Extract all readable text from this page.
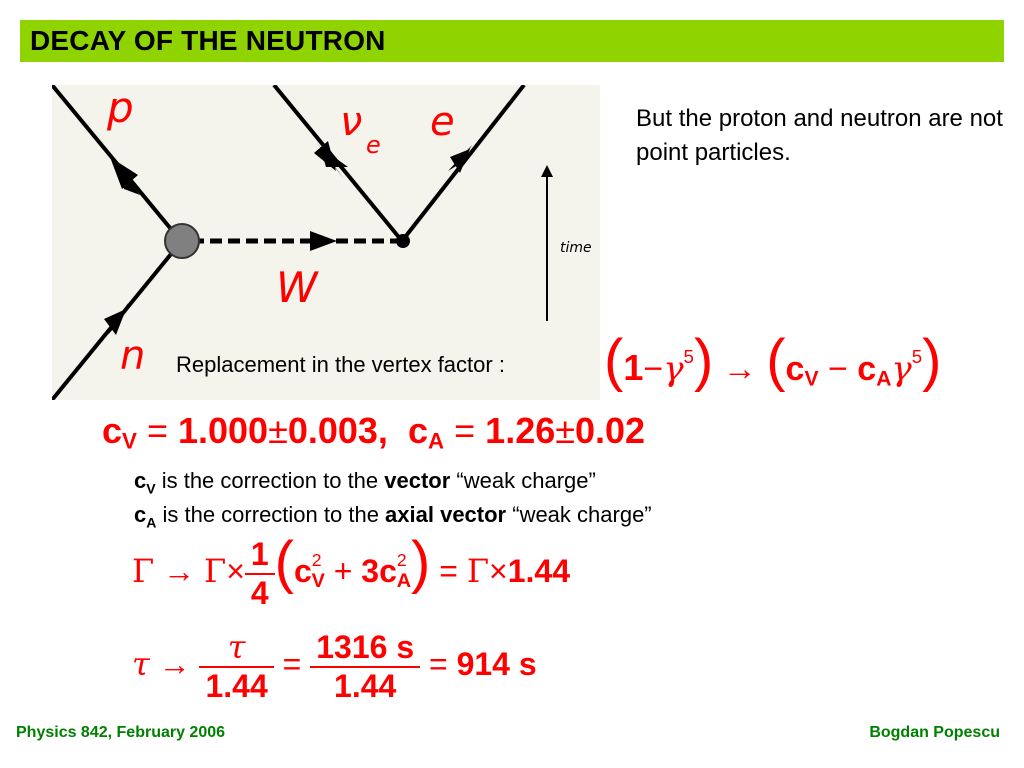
DECAY OF THE NEUTRON
p	ν e e
W
n
time
But the proton and neutron are not point particles.
Replacement in the vertex factor : $(1-\gamma^5) \to (c_V - c_A\gamma^5)$
$c_V = 1.000\pm 0.003$, $c_A = 1.26\pm 0.02$
$c_V$ is the correction to the vector “weak charge”
$c_A$ is the correction to the axial vector “weak charge”
$\Gamma \to \Gamma\times \frac{1}{4} (c^2_V + 3c^2_A) = \Gamma\times 1.44$
$\tau \to \frac{\tau}{1.44} = \frac{1316 s}{1.44} = 914$ s
Physics 842, February 2006	Bogdan Popescu
